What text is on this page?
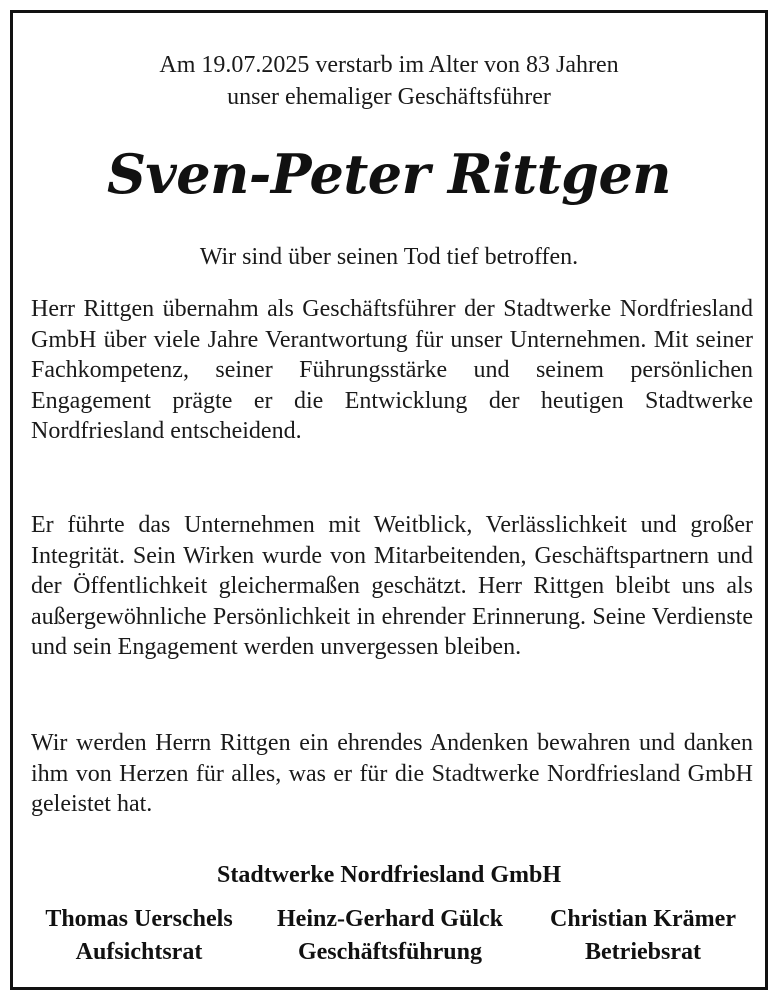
Am 19.07.2025 verstarb im Alter von 83 Jahren
unser ehemaliger Geschäftsführer
Sven-Peter Rittgen
Wir sind über seinen Tod tief betroffen.

Herr Rittgen übernahm als Geschäftsführer der Stadtwerke Nordfriesland GmbH über viele Jahre Verantwortung für unser Unternehmen. Mit seiner Fachkompetenz, seiner Führungsstärke und seinem persönlichen Engagement prägte er die Entwicklung der heutigen Stadtwerke Nordfriesland entscheidend.

Er führte das Unternehmen mit Weitblick, Verlässlichkeit und großer Integrität. Sein Wirken wurde von Mitarbeitenden, Geschäftspartnern und der Öffentlichkeit gleichermaßen geschätzt. Herr Rittgen bleibt uns als außergewöhnliche Persönlichkeit in ehrender Erinnerung. Seine Verdienste und sein Engagement werden unvergessen bleiben.

Wir werden Herrn Rittgen ein ehrendes Andenken bewahren und danken ihm von Herzen für alles, was er für die Stadtwerke Nordfriesland GmbH geleistet hat.

Stadtwerke Nordfriesland GmbH
Thomas Uerschels
Aufsichtsrat
Heinz-Gerhard Gülck
Geschäftsführung
Christian Krämer
Betriebsrat
